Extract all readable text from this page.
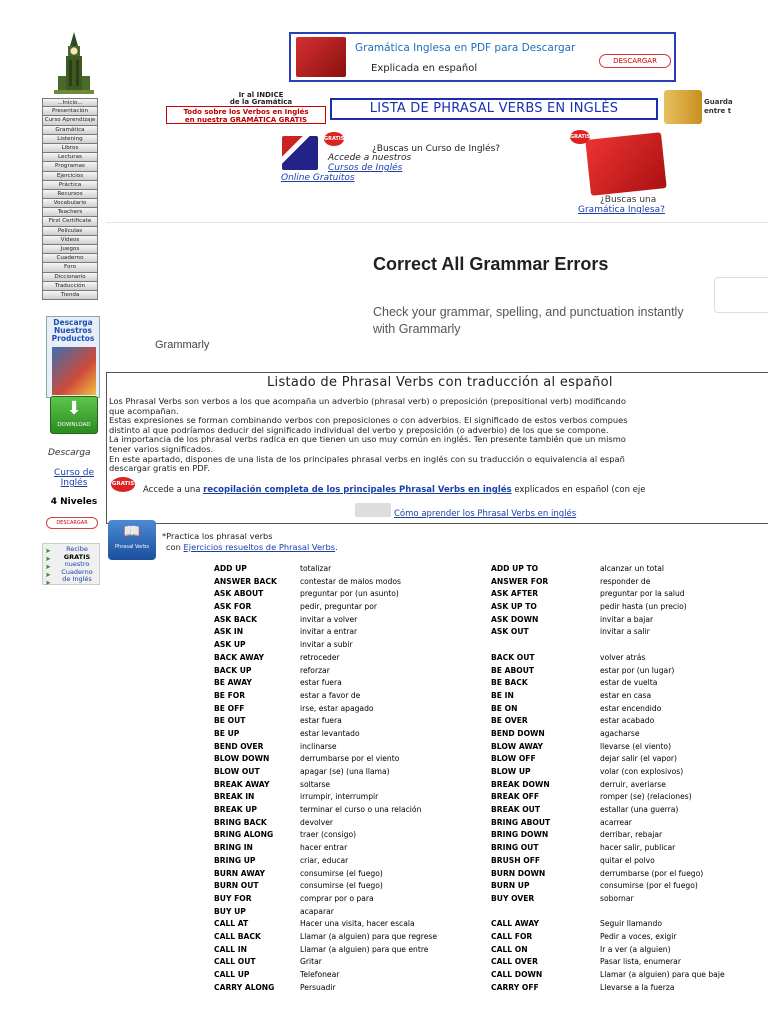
...Inicio...
Presentación
Curso Aprendizaje
Gramática
Listening
Libros
Lecturas
Programas
Ejercicios
Práctica
Recursos
Vocabulario
Teachers
First Certificate
Películas
Vídeos
Juegos
Cuaderno
Foro
Diccionario
Traducción
Tienda
Descarga Nuestros Productos
⬇
DOWNLOAD
Descarga
Curso de Inglés
4 Niveles
DESCARGAR
➤
➤
➤
➤
➤
Recibe
GRATIS
nuestro
Cuaderno
de Inglés
Gramática Inglesa en PDF para Descargar
Explicada en español
DESCARGAR
Ir al INDICE
de la Gramática
Todo sobre los Verbos en Inglés
en nuestra GRAMÁTICA GRATIS
LISTA DE PHRASAL VERBS EN INGLÉS	Guarda
entre t
GRATIS
¿Buscas un Curso de Inglés?
Accede a nuestros
Cursos de Inglés
Online Gratuitos
GRATIS
¿Buscas una
Gramática Inglesa?
Correct All Grammar Errors
Check your grammar, spelling, and punctuation instantly with Grammarly
Grammarly
Listado de Phrasal Verbs con traducción al español
Los Phrasal Verbs son verbos a los que acompaña un adverbio (phrasal verb) o preposición (prepositional verb) modificando
que acompañan.
Estas expresiones se forman combinando verbos con preposiciones o con adverbios. El significado de estos verbos compues
distinto al que podríamos deducir del significado individual del verbo y preposición (o adverbio) de los que se compone.
La importancia de los phrasal verbs radica en que tienen un uso muy común en inglés. Ten presente también que un mismo
tener varios significados.
En este apartado, dispones de una lista de los principales phrasal verbs en inglés con su traducción o equivalencia al españ
descargar gratis en PDF.
GRATIS
Accede a una recopilación completa de los principales Phrasal Verbs en inglés explicados en español (con eje
Cómo aprender los Phrasal Verbs en inglés
📖
Phrasal Verbs
*Practica los phrasal verbs
con Ejercicios resueltos de Phrasal Verbs.
ADD UP	totalizar	ADD UP TO	alcanzar un total
ANSWER BACK	contestar de malos modos	ANSWER FOR	responder de
ASK ABOUT	preguntar por (un asunto)	ASK AFTER	preguntar por la salud
ASK FOR	pedir, preguntar por	ASK UP TO	pedir hasta (un precio)
ASK BACK	invitar a volver	ASK DOWN	invitar a bajar
ASK IN	invitar a entrar	ASK OUT	invitar a salir
ASK UP	invitar a subir
BACK AWAY	retroceder	BACK OUT	volver atrás
BACK UP	reforzar	BE ABOUT	estar por (un lugar)
BE AWAY	estar fuera	BE BACK	estar de vuelta
BE FOR	estar a favor de	BE IN	estar en casa
BE OFF	irse, estar apagado	BE ON	estar encendido
BE OUT	estar fuera	BE OVER	estar acabado
BE UP	estar levantado	BEND DOWN	agacharse
BEND OVER	inclinarse	BLOW AWAY	llevarse (el viento)
BLOW DOWN	derrumbarse por el viento	BLOW OFF	dejar salir (el vapor)
BLOW OUT	apagar (se) (una llama)	BLOW UP	volar (con explosivos)
BREAK AWAY	soltarse	BREAK DOWN	derruir, averiarse
BREAK IN	irrumpir, interrumpir	BREAK OFF	romper (se) (relaciones)
BREAK UP	terminar el curso o una relación	BREAK OUT	estallar (una guerra)
BRING BACK	devolver	BRING ABOUT	acarrear
BRING ALONG	traer (consigo)	BRING DOWN	derribar, rebajar
BRING IN	hacer entrar	BRING OUT	hacer salir, publicar
BRING UP	criar, educar	BRUSH OFF	quitar el polvo
BURN AWAY	consumirse (el fuego)	BURN DOWN	derrumbarse (por el fuego)
BURN OUT	consumirse (el fuego)	BURN UP	consumirse (por el fuego)
BUY FOR	comprar por o para	BUY OVER	sobornar
BUY UP	acaparar
CALL AT	Hacer una visita, hacer escala	CALL AWAY	Seguir llamando
CALL BACK	Llamar (a alguien) para que regrese	CALL FOR	Pedir a voces, exigir
CALL IN	Llamar (a alguien) para que entre	CALL ON	Ir a ver (a alguien)
CALL OUT	Gritar	CALL OVER	Pasar lista, enumerar
CALL UP	Telefonear	CALL DOWN	Llamar (a alguien) para que baje
CARRY ALONG	Persuadir	CARRY OFF	Llevarse a la fuerza
